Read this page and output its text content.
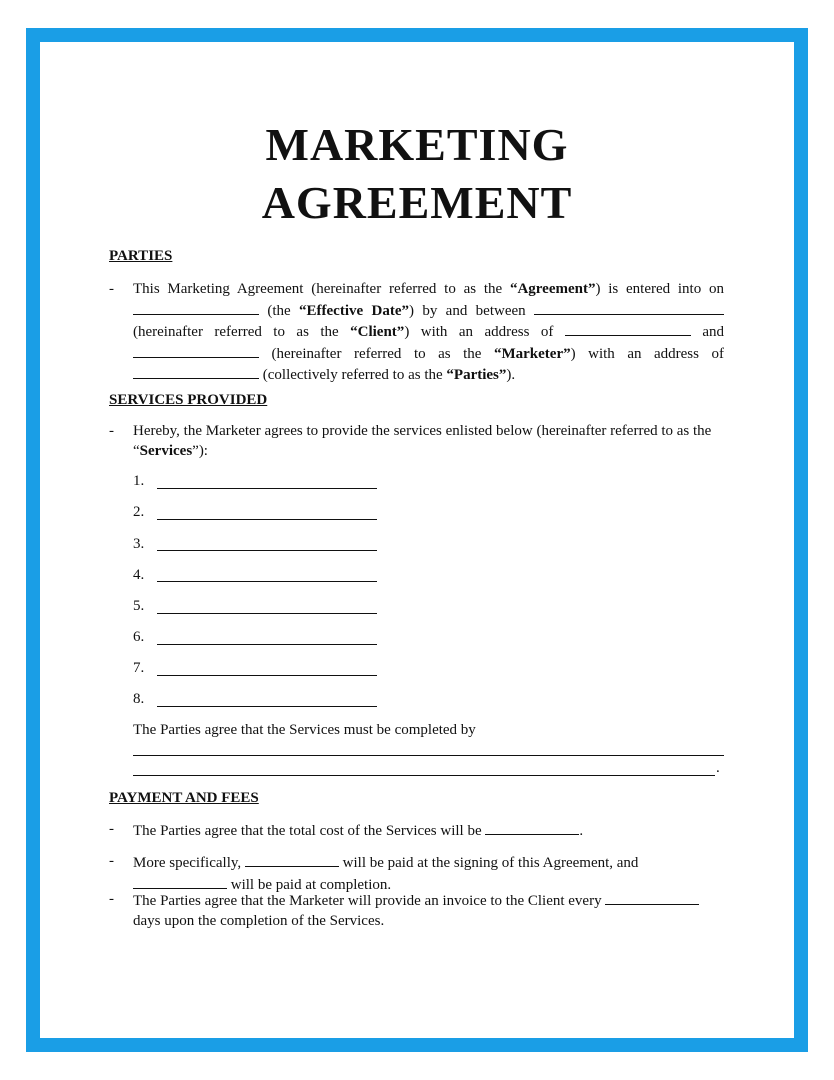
MARKETING
AGREEMENT
PARTIES
- This Marketing Agreement (hereinafter referred to as the “Agreement”) is entered into on  (the “Effective Date”) by and between  (hereinafter referred to as the “Client”) with an address of	and  (hereinafter referred to as the “Marketer”) with an address of  (collectively referred to as the “Parties”).
SERVICES PROVIDED
- Hereby, the Marketer agrees to provide the services enlisted below (hereinafter referred to as the “Services”):
1.
2.
3.
4.
5.
6.
7.
8.
The Parties agree that the Services must be completed by
.
PAYMENT AND FEES
- The Parties agree that the total cost of the Services will be	.
- More specifically,	will be paid at the signing of this Agreement, and  will be paid at completion.
- The Parties agree that the Marketer will provide an invoice to the Client every  days upon the completion of the Services.
